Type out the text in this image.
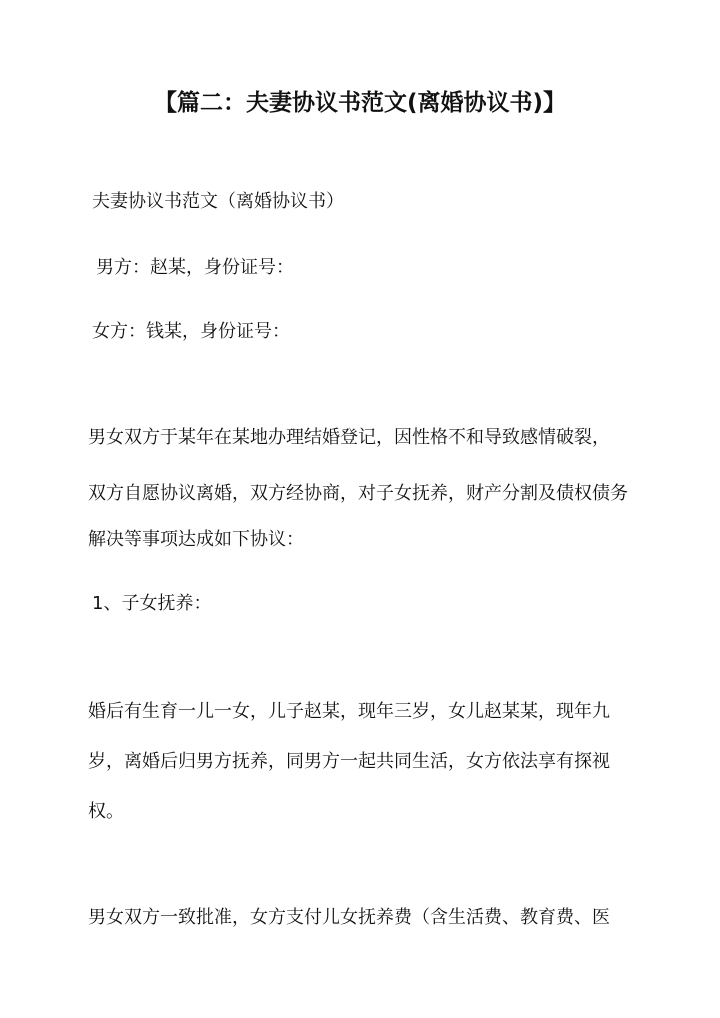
【篇二：夫妻协议书范文(离婚协议书)】

夫妻协议书范文（离婚协议书）

男方：赵某，身份证号：

女方：钱某，身份证号：

男女双方于某年在某地办理结婚登记，因性格不和导致感情破裂，

双方自愿协议离婚，双方经协商，对子女抚养，财产分割及债权债务

解决等事项达成如下协议：

1、子女抚养：

婚后有生育一儿一女，儿子赵某，现年三岁，女儿赵某某，现年九

岁，离婚后归男方抚养，同男方一起共同生活，女方依法享有探视

权。

男女双方一致批准，女方支付儿女抚养费（含生活费、教育费、医
